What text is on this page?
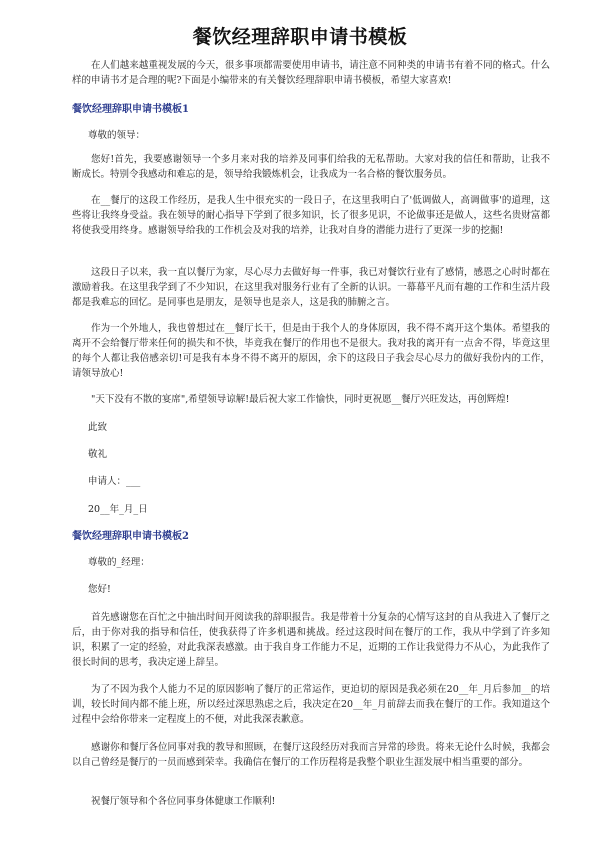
餐饮经理辞职申请书模板

在人们越来越重视发展的今天，很多事项都需要使用申请书，请注意不同种类的申请书有着不同的格式。什么样的申请书才是合理的呢?下面是小编带来的有关餐饮经理辞职申请书模板，希望大家喜欢!

餐饮经理辞职申请书模板1

尊敬的领导：

您好!首先，我要感谢领导一个多月来对我的培养及同事们给我的无私帮助。大家对我的信任和帮助，让我不断成长。特别令我感动和难忘的是，领导给我锻炼机会，让我成为一名合格的餐饮服务员。

在__餐厅的这段工作经历，是我人生中很充实的一段日子，在这里我明白了'低调做人，高调做事'的道理，这些将让我终身受益。我在领导的耐心指导下学到了很多知识，长了很多见识，不论做事还是做人，这些名贵财富都将使我受用终身。感谢领导给我的工作机会及对我的培养，让我对自身的潜能力进行了更深一步的挖掘!

这段日子以来，我一直以餐厅为家，尽心尽力去做好每一件事，我已对餐饮行业有了感情，感恩之心时时都在激励着我。在这里我学到了不少知识，在这里我对服务行业有了全新的认识。一幕幕平凡而有趣的工作和生活片段都是我难忘的回忆。是同事也是朋友，是领导也是亲人，这是我的肺腑之言。

作为一个外地人，我也曾想过在__餐厅长干，但是由于我个人的身体原因，我不得不离开这个集体。希望我的离开不会给餐厅带来任何的损失和不快，毕竟我在餐厅的作用也不是很大。我对我的离开有一点舍不得，毕竟这里的每个人都让我倍感亲切!可是我有本身不得不离开的原因，余下的这段日子我会尽心尽力的做好我份内的工作，请领导放心!

"天下没有不散的宴席",希望领导谅解!最后祝大家工作愉快，同时更祝愿__餐厅兴旺发达，再创辉煌!

此致

敬礼

申请人：___

20__年_月_日

餐饮经理辞职申请书模板2

尊敬的_经理：

您好!

首先感谢您在百忙之中抽出时间开阅读我的辞职报告。我是带着十分复杂的心情写这封的自从我进入了餐厅之后，由于你对我的指导和信任，使我获得了许多机遇和挑战。经过这段时间在餐厅的工作，我从中学到了许多知识，积累了一定的经验，对此我深表感激。由于我自身工作能力不足，近期的工作让我觉得力不从心，为此我作了很长时间的思考，我决定递上辞呈。

为了不因为我个人能力不足的原因影响了餐厅的正常运作，更迫切的原因是我必须在20__年_月后参加__的培训，较长时间内都不能上班，所以经过深思熟虑之后，我决定在20__年_月前辞去而我在餐厅的工作。我知道这个过程中会给你带来一定程度上的不便，对此我深表歉意。

感谢你和餐厅各位同事对我的教导和照顾，在餐厅这段经历对我而言异常的珍贵。将来无论什么时候，我都会以自己曾经是餐厅的一员而感到荣幸。我确信在餐厅的工作历程将是我整个职业生涯发展中相当重要的部分。

祝餐厅领导和个各位同事身体健康工作顺利!
